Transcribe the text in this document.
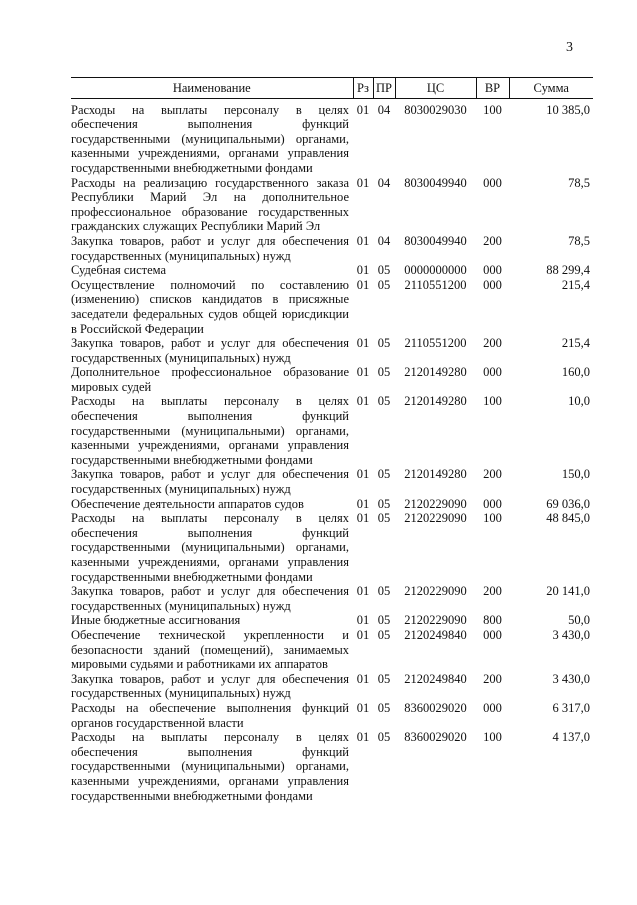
3
Наименование	Рз	ПР	ЦС	ВР	Сумма
Расходы на выплаты персоналу в целях обеспечения выполнения функций государственными (муниципальными) органами, казенными учреждениями, органами управления государственными внебюджетными фондами	01	04	8030029030	100	10 385,0
Расходы на реализацию государственного заказа Республики Марий Эл на дополнительное профессиональное образование государственных гражданских служащих Республики Марий Эл	01	04	8030049940	000	78,5
Закупка товаров, работ и услуг для обеспечения государственных (муниципальных) нужд	01	04	8030049940	200	78,5
Судебная система	01	05	0000000000	000	88 299,4
Осуществление полномочий по составлению (изменению) списков кандидатов в присяжные заседатели федеральных судов общей юрисдикции в Российской Федерации	01	05	2110551200	000	215,4
Закупка товаров, работ и услуг для обеспечения государственных (муниципальных) нужд	01	05	2110551200	200	215,4
Дополнительное профессиональное образование мировых судей	01	05	2120149280	000	160,0
Расходы на выплаты персоналу в целях обеспечения выполнения функций государственными (муниципальными) органами, казенными учреждениями, органами управления государственными внебюджетными фондами	01	05	2120149280	100	10,0
Закупка товаров, работ и услуг для обеспечения государственных (муниципальных) нужд	01	05	2120149280	200	150,0
Обеспечение деятельности аппаратов судов	01	05	2120229090	000	69 036,0
Расходы на выплаты персоналу в целях обеспечения выполнения функций государственными (муниципальными) органами, казенными учреждениями, органами управления государственными внебюджетными фондами	01	05	2120229090	100	48 845,0
Закупка товаров, работ и услуг для обеспечения государственных (муниципальных) нужд	01	05	2120229090	200	20 141,0
Иные бюджетные ассигнования	01	05	2120229090	800	50,0
Обеспечение технической укрепленности и безопасности зданий (помещений), занимаемых мировыми судьями и работниками их аппаратов	01	05	2120249840	000	3 430,0
Закупка товаров, работ и услуг для обеспечения государственных (муниципальных) нужд	01	05	2120249840	200	3 430,0
Расходы на обеспечение выполнения функций органов государственной власти	01	05	8360029020	000	6 317,0
Расходы на выплаты персоналу в целях обеспечения выполнения функций государственными (муниципальными) органами, казенными учреждениями, органами управления государственными внебюджетными фондами	01	05	8360029020	100	4 137,0
